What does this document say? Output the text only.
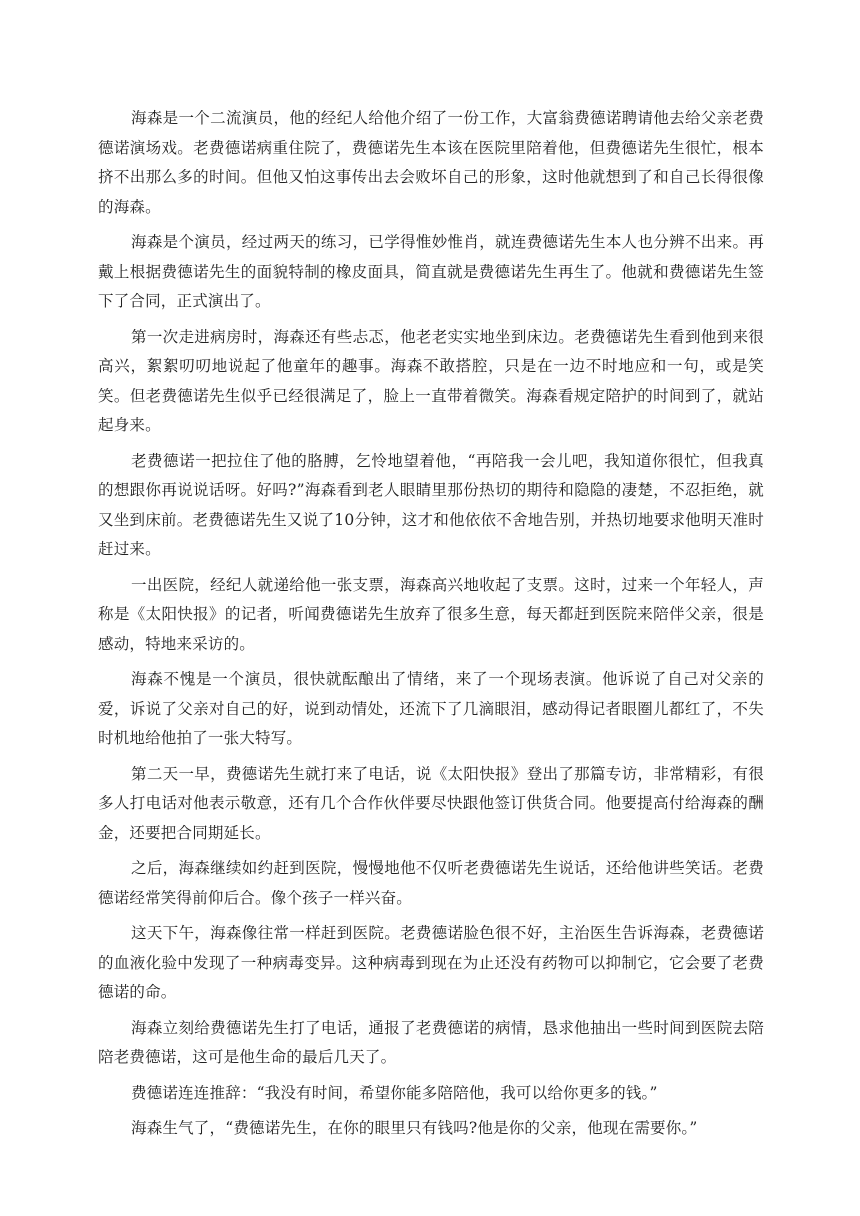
海森是一个二流演员，他的经纪人给他介绍了一份工作，大富翁费德诺聘请他去给父亲老费德诺演场戏。老费德诺病重住院了，费德诺先生本该在医院里陪着他，但费德诺先生很忙，根本挤不出那么多的时间。但他又怕这事传出去会败坏自己的形象，这时他就想到了和自己长得很像的海森。

海森是个演员，经过两天的练习，已学得惟妙惟肖，就连费德诺先生本人也分辨不出来。再戴上根据费德诺先生的面貌特制的橡皮面具，简直就是费德诺先生再生了。他就和费德诺先生签下了合同，正式演出了。

第一次走进病房时，海森还有些忐忑，他老老实实地坐到床边。老费德诺先生看到他到来很高兴，絮絮叨叨地说起了他童年的趣事。海森不敢搭腔，只是在一边不时地应和一句，或是笑笑。但老费德诺先生似乎已经很满足了，脸上一直带着微笑。海森看规定陪护的时间到了，就站起身来。

老费德诺一把拉住了他的胳膊，乞怜地望着他，“再陪我一会儿吧，我知道你很忙，但我真的想跟你再说说话呀。好吗?”海森看到老人眼睛里那份热切的期待和隐隐的凄楚，不忍拒绝，就又坐到床前。老费德诺先生又说了10分钟，这才和他依依不舍地告别，并热切地要求他明天准时赶过来。

一出医院，经纪人就递给他一张支票，海森高兴地收起了支票。这时，过来一个年轻人，声称是《太阳快报》的记者，听闻费德诺先生放弃了很多生意，每天都赶到医院来陪伴父亲，很是感动，特地来采访的。

海森不愧是一个演员，很快就酝酿出了情绪，来了一个现场表演。他诉说了自己对父亲的爱，诉说了父亲对自己的好，说到动情处，还流下了几滴眼泪，感动得记者眼圈儿都红了，不失时机地给他拍了一张大特写。

第二天一早，费德诺先生就打来了电话，说《太阳快报》登出了那篇专访，非常精彩，有很多人打电话对他表示敬意，还有几个合作伙伴要尽快跟他签订供货合同。他要提高付给海森的酬金，还要把合同期延长。

之后，海森继续如约赶到医院，慢慢地他不仅听老费德诺先生说话，还给他讲些笑话。老费德诺经常笑得前仰后合。像个孩子一样兴奋。

这天下午，海森像往常一样赶到医院。老费德诺脸色很不好，主治医生告诉海森，老费德诺的血液化验中发现了一种病毒变异。这种病毒到现在为止还没有药物可以抑制它，它会要了老费德诺的命。

海森立刻给费德诺先生打了电话，通报了老费德诺的病情，恳求他抽出一些时间到医院去陪陪老费德诺，这可是他生命的最后几天了。

费德诺连连推辞：“我没有时间，希望你能多陪陪他，我可以给你更多的钱。”

海森生气了，“费德诺先生，在你的眼里只有钱吗?他是你的父亲，他现在需要你。”
